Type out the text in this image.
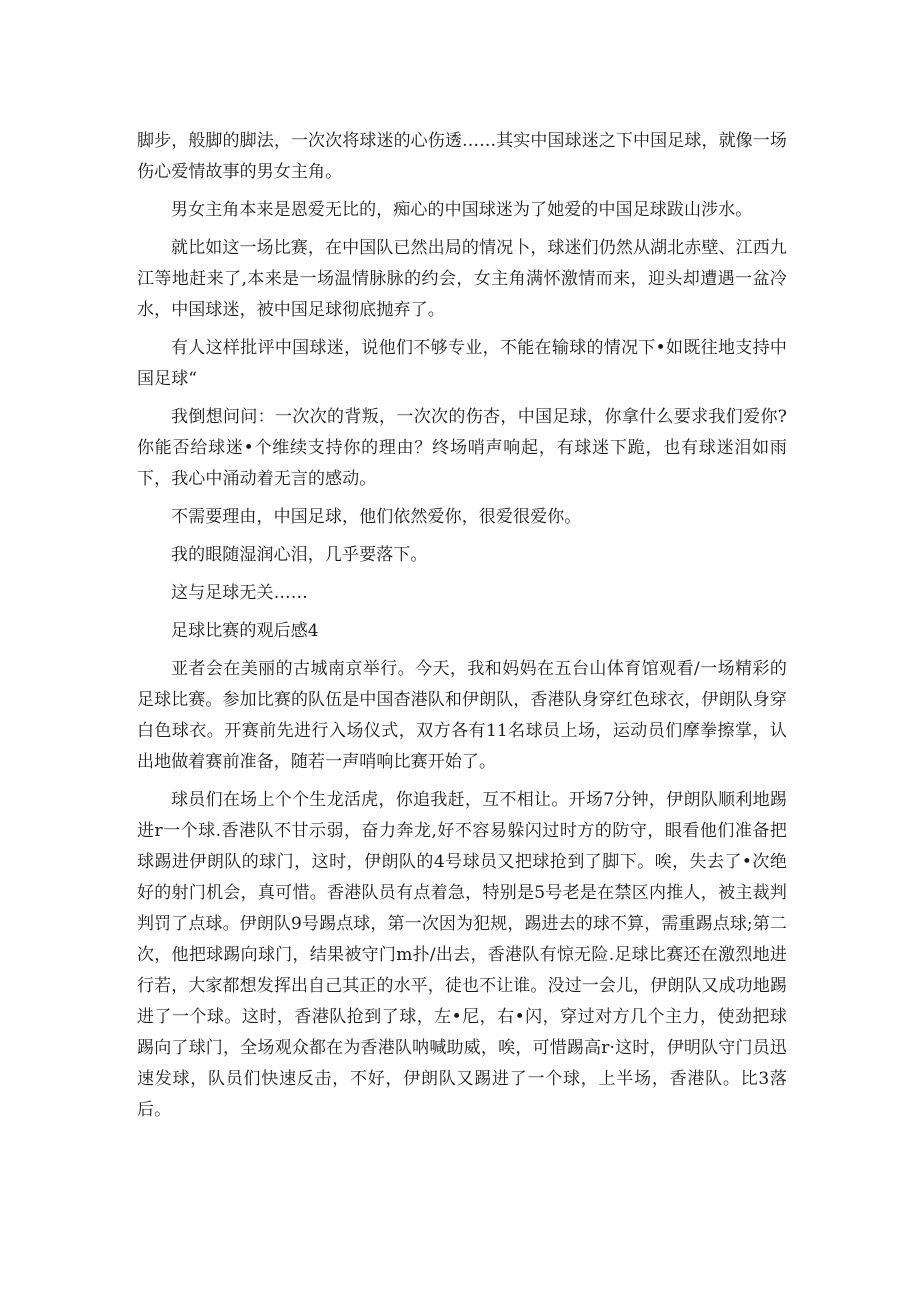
脚步，般脚的脚法，一次次将球迷的心伤透……其实中国球迷之下中国足球，就像一场伤心爱情故事的男女主角。

男女主角本来是恩爱无比的，痴心的中国球迷为了她爱的中国足球跋山涉水。

就比如这一场比赛，在中国队已然出局的情况卜，球迷们仍然从湖北赤壁、江西九江等地赶来了,本来是一场温情脉脉的约会，女主角满怀激情而来，迎头却遭遇一盆冷水，中国球迷，被中国足球彻底抛弃了。

有人这样批评中国球迷，说他们不够专业，不能在输球的情况下•如既往地支持中国足球“

我倒想问问：一次次的背叛，一次次的伤杏，中国足球，你拿什么要求我们爱你?你能否给球迷•个维续支持你的理由？终场哨声响起，有球迷下跪，也有球迷泪如雨下，我心中涌动着无言的感动。

不需要理由，中国足球，他们依然爱你，很爱很爱你。

我的眼随湿润心泪，几乎要落下。

这与足球无关……

足球比赛的观后感4

亚者会在美丽的古城南京举行。今天，我和妈妈在五台山体育馆观看/一场精彩的足球比赛。参加比赛的队伍是中国杳港队和伊朗队，香港队身穿红色球衣，伊朗队身穿白色球衣。开赛前先进行入场仪式，双方各有11名球员上场，运动员们摩拳擦掌，认出地做着赛前准备，随若一声哨响比赛开始了。

球员们在场上个个生龙活虎，你追我赶，互不相让。开场7分钟，伊朗队顺利地踢进r一个球.香港队不甘示弱，奋力奔龙,好不容易躲闪过时方的防守，眼看他们准备把球踢进伊朗队的球门，这时，伊朗队的4号球员又把球抢到了脚下。唉，失去了•次绝好的射门机会，真可惜。香港队员有点着急，特别是5号老是在禁区内推人，被主裁判判罚了点球。伊朗队9号踢点球，第一次因为犯规，踢进去的球不算，需重踢点球;第二次，他把球踢向球门，结果被守门m扑/出去，香港队有惊无险.足球比赛还在激烈地进行若，大家都想发挥出自己其正的水平，徒也不让谁。没过一会儿，伊朗队又成功地踢进了一个球。这时，香港队抢到了球，左•尼，右•闪，穿过对方几个主力，使劲把球踢向了球门，全场观众都在为香港队呐喊助威，唉，可惜踢高r·这时，伊明队守门员迅速发球，队员们快速反击，不好，伊朗队又踢进了一个球，上半场，香港队。比3落后。
